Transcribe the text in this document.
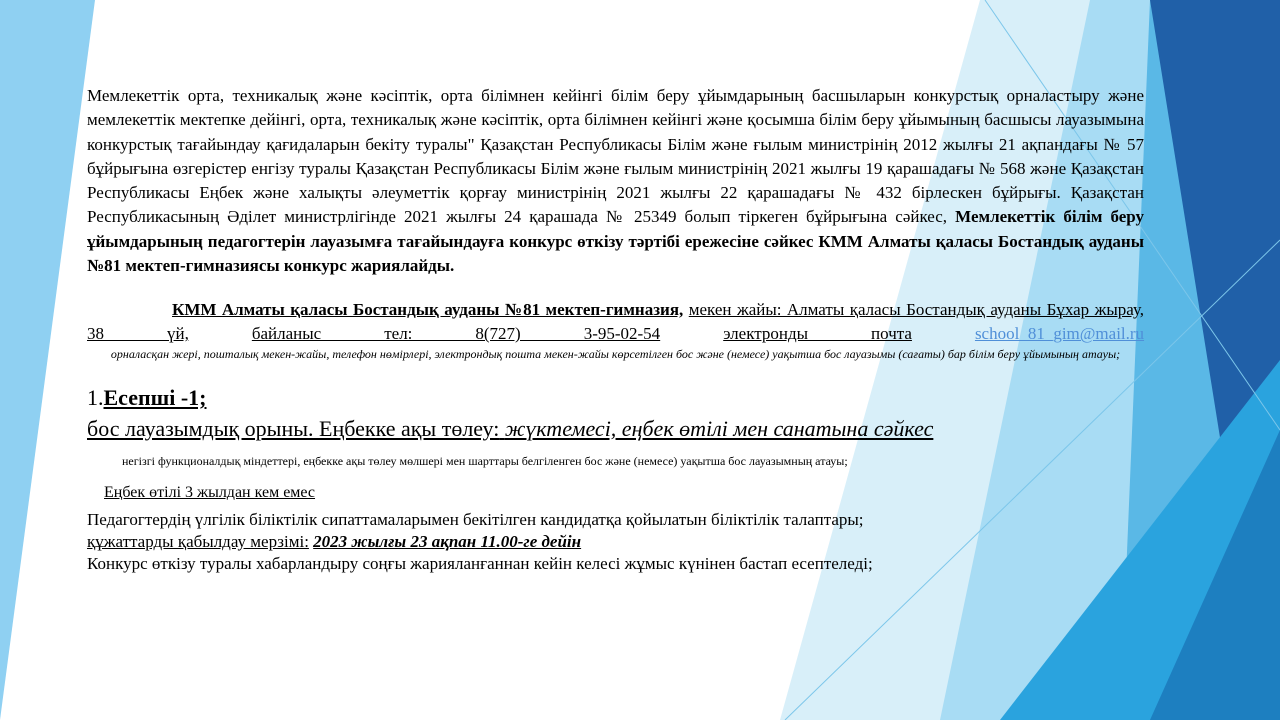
Мемлекеттік орта, техникалық және кәсіптік, орта білімнен кейінгі білім беру ұйымдарының басшыларын конкурстық орналастыру және мемлекеттік мектепке дейінгі, орта, техникалық және кәсіптік, орта білімнен кейінгі және қосымша білім беру ұйымының басшысы лауазымына конкурстық тағайындау қағидаларын бекіту туралы" Қазақстан Республикасы Білім және ғылым министрінің 2012 жылғы 21 ақпандағы № 57 бұйрығына өзгерістер енгізу туралы Қазақстан Республикасы Білім және ғылым министрінің 2021 жылғы 19 қарашадағы № 568 және Қазақстан Республикасы Еңбек және халықты әлеуметтік қорғау министрінің 2021 жылғы 22 қарашадағы № 432 бірлескен бұйрығы. Қазақстан Республикасының Әділет министрлігінде 2021 жылғы 24 қарашада № 25349 болып тіркеген бұйрығына сәйкес, Мемлекеттік білім беру ұйымдарының педагогтерін лауазымға тағайындауға конкурс өткізу тәртібі ережесіне сәйкес КММ Алматы қаласы Бостандық ауданы №81 мектеп-гимназиясы конкурс жариялайды.

КММ Алматы қаласы Бостандық ауданы №81 мектеп-гимназия, мекен жайы: Алматы қаласы Бостандық ауданы Бұхар жырау, 38 үй,	байланыс тел: 8(727) 3-95-02-54	электронды почта	school_81_gim@mail.ru

орналасқан жері, пошталық мекен-жайы, телефон нөмірлері, электрондық пошта мекен-жайы көрсетілген бос және (немесе) уақытша бос лауазымы (сағаты) бар білім беру ұйымының атауы;

1.Есепші -1;

бос лауазымдық орыны. Еңбекке ақы төлеу: жүктемесі, еңбек өтілі мен санатына сәйкес

негізгі функционалдық міндеттері, еңбекке ақы төлеу мөлшері мен шарттары белгіленген бос және (немесе) уақытша бос лауазымның атауы;

Еңбек өтілі 3 жылдан кем емес

Педагогтердің үлгілік біліктілік сипаттамаларымен бекітілген кандидатқа қойылатын біліктілік талаптары;

құжаттарды қабылдау мерзімі: 2023 жылғы 23 ақпан 11.00-ге дейін

Конкурс өткізу туралы хабарландыру соңғы жарияланғаннан кейін келесі жұмыс күнінен бастап есептеледі;
